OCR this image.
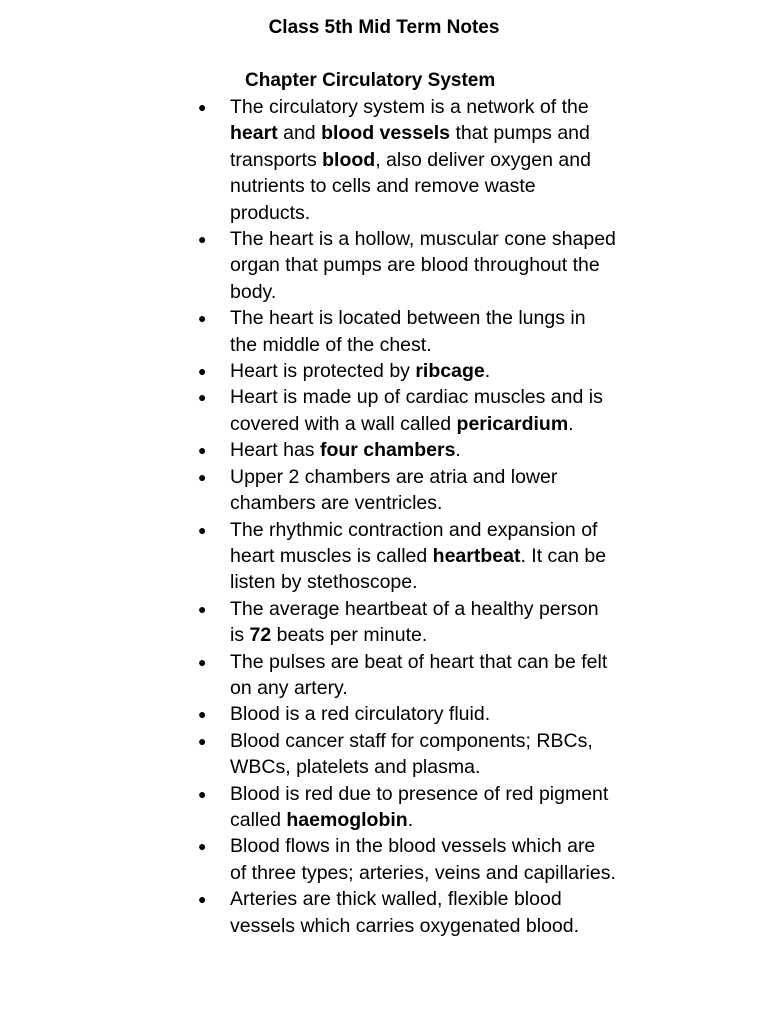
Class 5th Mid Term Notes
Chapter Circulatory System
● The circulatory system is a network of the heart and blood vessels that pumps and transports blood, also deliver oxygen and nutrients to cells and remove waste products.
● The heart is a hollow, muscular cone shaped organ that pumps are blood throughout the body.
● The heart is located between the lungs in the middle of the chest.
● Heart is protected by ribcage.
● Heart is made up of cardiac muscles and is covered with a wall called pericardium.
● Heart has four chambers.
● Upper 2 chambers are atria and lower chambers are ventricles.
● The rhythmic contraction and expansion of heart muscles is called heartbeat. It can be listen by stethoscope.
● The average heartbeat of a healthy person is 72 beats per minute.
● The pulses are beat of heart that can be felt on any artery.
● Blood is a red circulatory fluid.
● Blood cancer staff for components; RBCs, WBCs, platelets and plasma.
● Blood is red due to presence of red pigment called haemoglobin.
● Blood flows in the blood vessels which are of three types; arteries, veins and capillaries.
● Arteries are thick walled, flexible blood vessels which carries oxygenated blood.
